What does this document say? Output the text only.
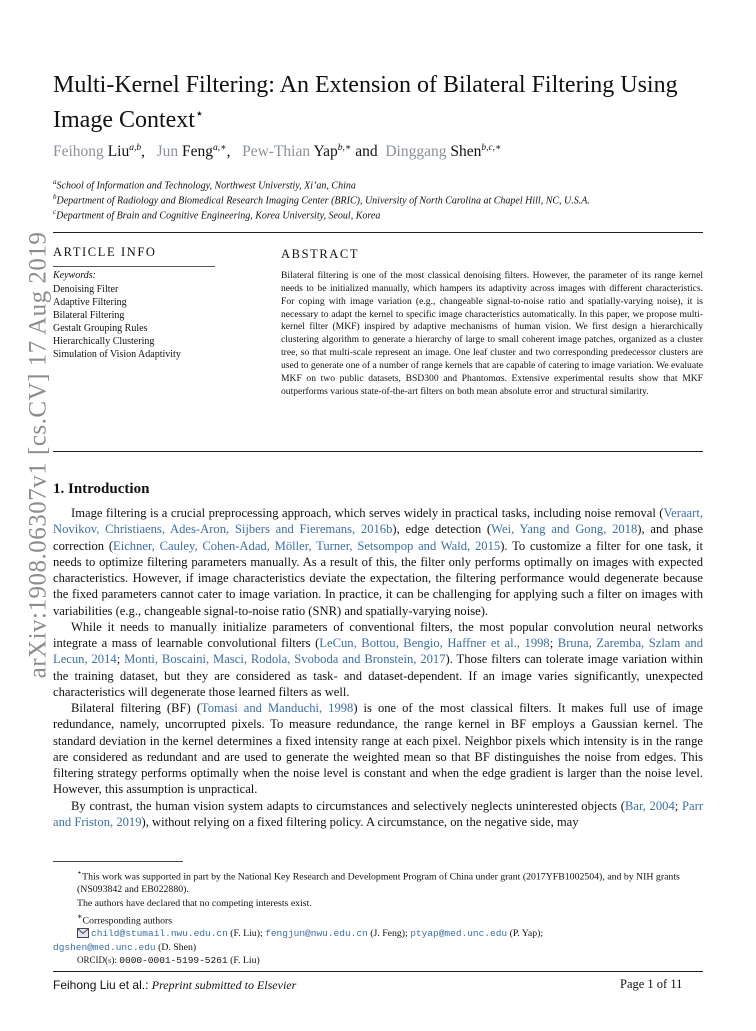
arXiv:1908.06307v1 [cs.CV] 17 Aug 2019
Multi-Kernel Filtering: An Extension of Bilateral Filtering Using Image Context⋆
Feihong Liu$^{a,b}$,   Jun Feng$^{a,∗}$,   Pew-Thian Yap$^{b,∗}$ and  Dinggang Shen$^{b,c,∗}$
$^a$School of Information and Technology, Northwest Universtiy, Xi’an, China
$^b$Department of Radiology and Biomedical Research Imaging Center (BRIC), University of North Carolina at Chapel Hill, NC, U.S.A.
$^c$Department of Brain and Cognitive Engineering, Korea University, Seoul, Korea
ARTICLE INFO
Keywords:
Denoising Filter
Adaptive Filtering
Bilateral Filtering
Gestalt Grouping Rules
Hierarchically Clustering
Simulation of Vision Adaptivity
ABSTRACT
Bilateral filtering is one of the most classical denoising filters. However, the parameter of its range kernel needs to be initialized manually, which hampers its adaptivity across images with different characteristics. For coping with image variation (e.g., changeable signal-to-noise ratio and spatially-varying noise), it is necessary to adapt the kernel to specific image characteristics automatically. In this paper, we propose multi-kernel filter (MKF) inspired by adaptive mechanisms of human vision. We first design a hierarchically clustering algorithm to generate a hierarchy of large to small coherent image patches, organized as a cluster tree, so that multi-scale represent an image. One leaf cluster and two corresponding predecessor clusters are used to generate one of a number of range kernels that are capable of catering to image variation. We evaluate MKF on two public datasets, BSD300 and Phantomαs. Extensive experimental results show that MKF outperforms various state-of-the-art filters on both mean absolute error and structural similarity.
1. Introduction

Image filtering is a crucial preprocessing approach, which serves widely in practical tasks, including noise removal (Veraart, Novikov, Christiaens, Ades-Aron, Sijbers and Fieremans, 2016b), edge detection (Wei, Yang and Gong, 2018), and phase correction (Eichner, Cauley, Cohen-Adad, Möller, Turner, Setsompop and Wald, 2015). To customize a filter for one task, it needs to optimize filtering parameters manually. As a result of this, the filter only performs optimally on images with expected characteristics. However, if image characteristics deviate the expectation, the filtering performance would degenerate because the fixed parameters cannot cater to image variation. In practice, it can be challenging for applying such a filter on images with variabilities (e.g., changeable signal-to-noise ratio (SNR) and spatially-varying noise).

While it needs to manually initialize parameters of conventional filters, the most popular convolution neural networks integrate a mass of learnable convolutional filters (LeCun, Bottou, Bengio, Haffner et al., 1998; Bruna, Zaremba, Szlam and Lecun, 2014; Monti, Boscaini, Masci, Rodola, Svoboda and Bronstein, 2017). Those filters can tolerate image variation within the training dataset, but they are considered as task- and dataset-dependent. If an image varies significantly, unexpected characteristics will degenerate those learned filters as well.

Bilateral filtering (BF) (Tomasi and Manduchi, 1998) is one of the most classical filters. It makes full use of image redundance, namely, uncorrupted pixels. To measure redundance, the range kernel in BF employs a Gaussian kernel. The standard deviation in the kernel determines a fixed intensity range at each pixel. Neighbor pixels which intensity is in the range are considered as redundant and are used to generate the weighted mean so that BF distinguishes the noise from edges. This filtering strategy performs optimally when the noise level is constant and when the edge gradient is larger than the noise level. However, this assumption is unpractical.

By contrast, the human vision system adapts to circumstances and selectively neglects uninterested objects (Bar, 2004; Parr and Friston, 2019), without relying on a fixed filtering policy. A circumstance, on the negative side, may

⋆This work was supported in part by the National Key Research and Development Program of China under grant (2017YFB1002504), and by NIH grants (NS093842 and EB022880).
The authors have declared that no competing interests exist.
∗Corresponding authors
child@stumail.nwu.edu.cn (F. Liu); fengjun@nwu.edu.cn (J. Feng); ptyap@med.unc.edu (P. Yap);
dgshen@med.unc.edu (D. Shen)
ORCID(s): 0000-0001-5199-5261 (F. Liu)
Feihong Liu et al.: Preprint submitted to Elsevier	Page 1 of 11
